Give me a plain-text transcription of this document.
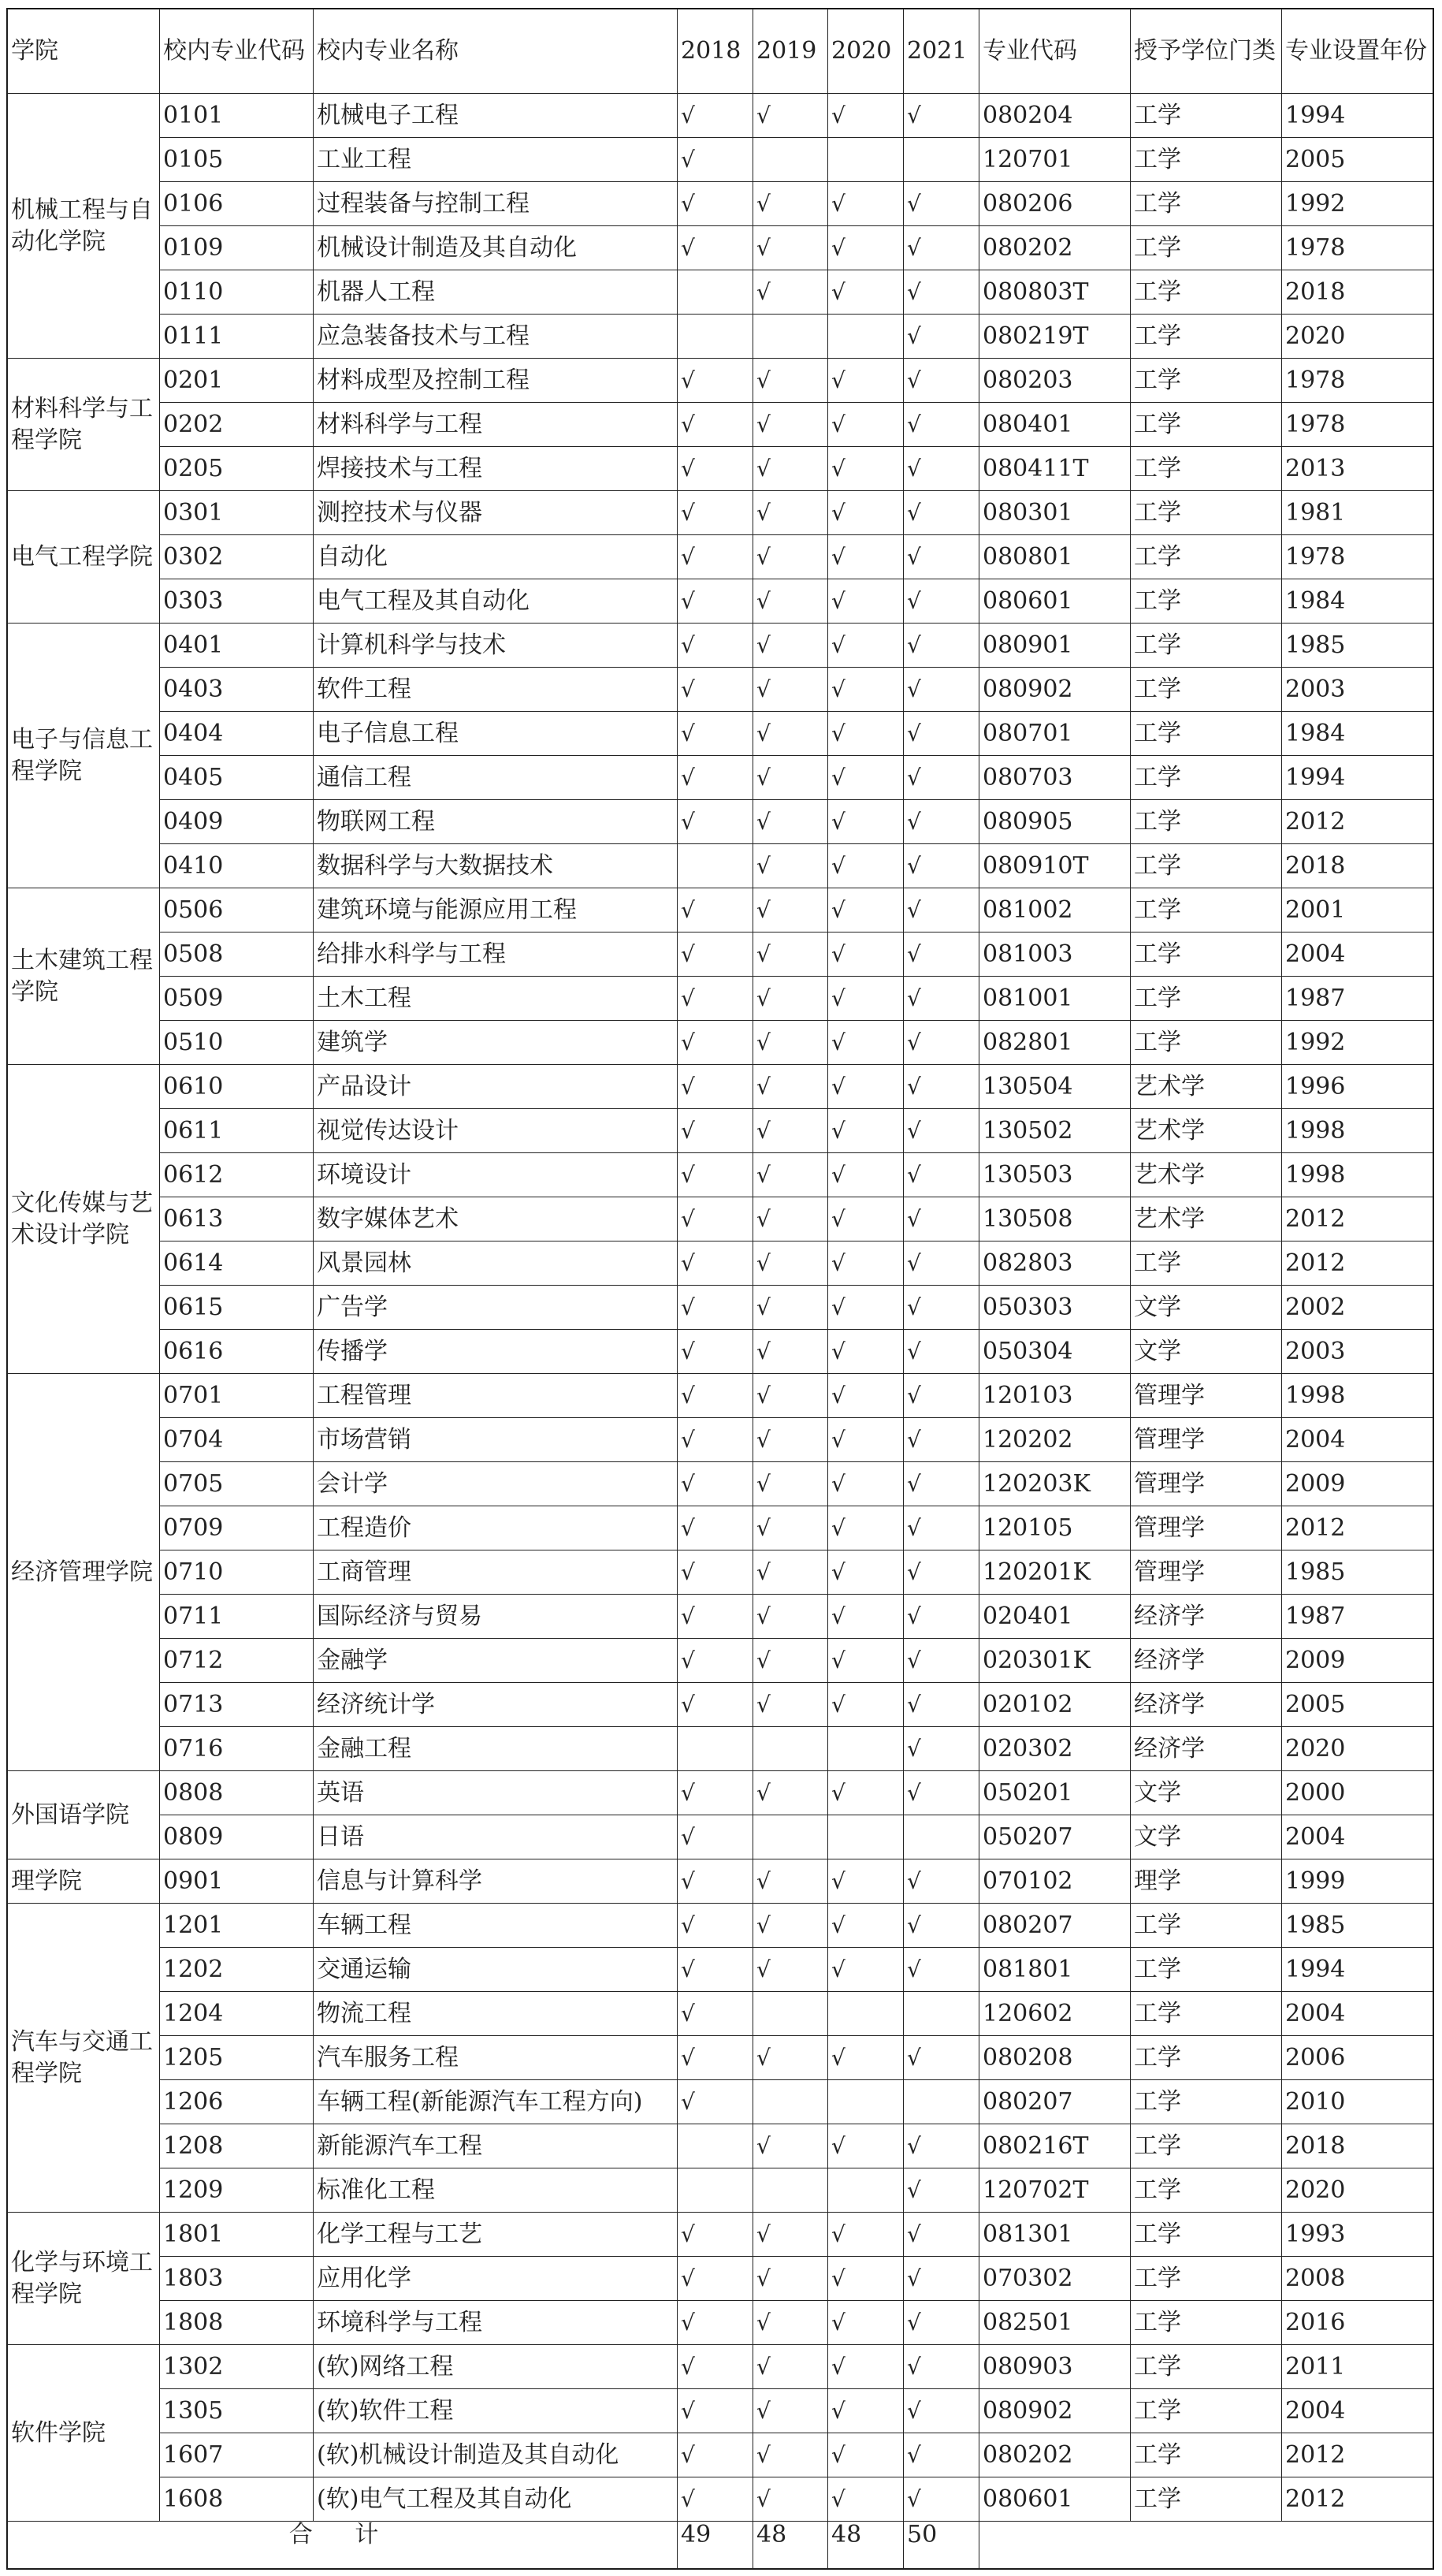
学院	校内专业代码	校内专业名称	2018	2019	2020	2021	专业代码	授予学位门类	专业设置年份
机械工程与自动化学院	0101	机械电子工程	√	√	√	√	080204	工学	1994
	0105	工业工程	√				120701	工学	2005
	0106	过程装备与控制工程	√	√	√	√	080206	工学	1992
	0109	机械设计制造及其自动化	√	√	√	√	080202	工学	1978
	0110	机器人工程		√	√	√	080803T	工学	2018
	0111	应急装备技术与工程				√	080219T	工学	2020
材料科学与工程学院	0201	材料成型及控制工程	√	√	√	√	080203	工学	1978
	0202	材料科学与工程	√	√	√	√	080401	工学	1978
	0205	焊接技术与工程	√	√	√	√	080411T	工学	2013
电气工程学院	0301	测控技术与仪器	√	√	√	√	080301	工学	1981
	0302	自动化	√	√	√	√	080801	工学	1978
	0303	电气工程及其自动化	√	√	√	√	080601	工学	1984
电子与信息工程学院	0401	计算机科学与技术	√	√	√	√	080901	工学	1985
	0403	软件工程	√	√	√	√	080902	工学	2003
	0404	电子信息工程	√	√	√	√	080701	工学	1984
	0405	通信工程	√	√	√	√	080703	工学	1994
	0409	物联网工程	√	√	√	√	080905	工学	2012
	0410	数据科学与大数据技术		√	√	√	080910T	工学	2018
土木建筑工程学院	0506	建筑环境与能源应用工程	√	√	√	√	081002	工学	2001
	0508	给排水科学与工程	√	√	√	√	081003	工学	2004
	0509	土木工程	√	√	√	√	081001	工学	1987
	0510	建筑学	√	√	√	√	082801	工学	1992
文化传媒与艺术设计学院	0610	产品设计	√	√	√	√	130504	艺术学	1996
	0611	视觉传达设计	√	√	√	√	130502	艺术学	1998
	0612	环境设计	√	√	√	√	130503	艺术学	1998
	0613	数字媒体艺术	√	√	√	√	130508	艺术学	2012
	0614	风景园林	√	√	√	√	082803	工学	2012
	0615	广告学	√	√	√	√	050303	文学	2002
	0616	传播学	√	√	√	√	050304	文学	2003
经济管理学院	0701	工程管理	√	√	√	√	120103	管理学	1998
	0704	市场营销	√	√	√	√	120202	管理学	2004
	0705	会计学	√	√	√	√	120203K	管理学	2009
	0709	工程造价	√	√	√	√	120105	管理学	2012
	0710	工商管理	√	√	√	√	120201K	管理学	1985
	0711	国际经济与贸易	√	√	√	√	020401	经济学	1987
	0712	金融学	√	√	√	√	020301K	经济学	2009
	0713	经济统计学	√	√	√	√	020102	经济学	2005
	0716	金融工程				√	020302	经济学	2020
外国语学院	0808	英语	√	√	√	√	050201	文学	2000
	0809	日语	√				050207	文学	2004
理学院	0901	信息与计算科学	√	√	√	√	070102	理学	1999
汽车与交通工程学院	1201	车辆工程	√	√	√	√	080207	工学	1985
	1202	交通运输	√	√	√	√	081801	工学	1994
	1204	物流工程	√				120602	工学	2004
	1205	汽车服务工程	√	√	√	√	080208	工学	2006
	1206	车辆工程(新能源汽车工程方向)	√				080207	工学	2010
	1208	新能源汽车工程		√	√	√	080216T	工学	2018
	1209	标准化工程				√	120702T	工学	2020
化学与环境工程学院	1801	化学工程与工艺	√	√	√	√	081301	工学	1993
	1803	应用化学	√	√	√	√	070302	工学	2008
	1808	环境科学与工程	√	√	√	√	082501	工学	2016
软件学院	1302	(软)网络工程	√	√	√	√	080903	工学	2011
	1305	(软)软件工程	√	√	√	√	080902	工学	2004
	1607	(软)机械设计制造及其自动化	√	√	√	√	080202	工学	2012
	1608	(软)电气工程及其自动化	√	√	√	√	080601	工学	2012
合 计			49	48	48	50			
